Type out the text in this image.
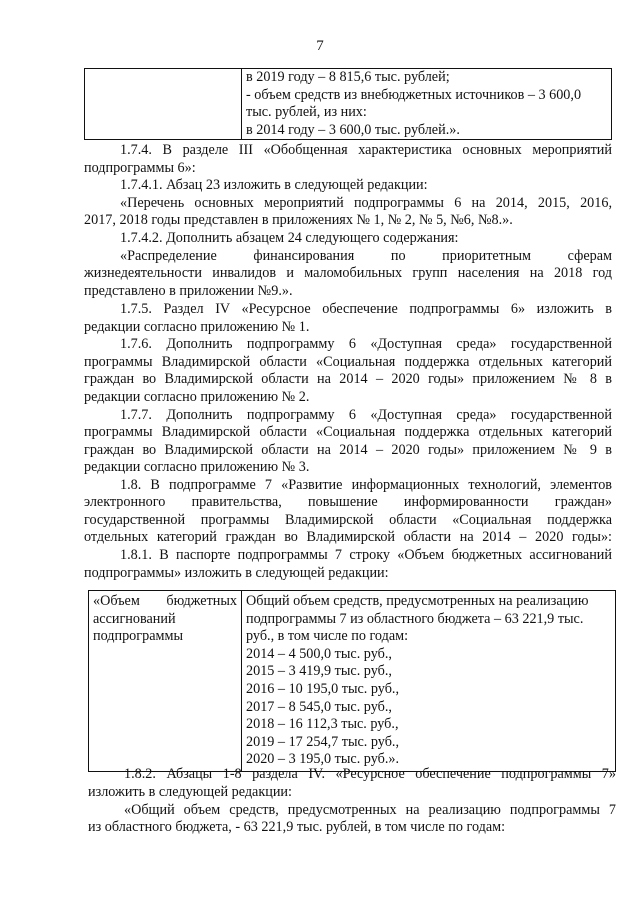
7

в 2019 году – 8 815,6 тыс. рублей;
- объем средств из внебюджетных источников – 3 600,0
тыс. рублей, из них:
в 2014 году – 3 600,0 тыс. рублей.».
1.7.4. В разделе III «Обобщенная характеристика основных мероприятий
подпрограммы 6»:
1.7.4.1. Абзац 23 изложить в следующей редакции:
«Перечень основных мероприятий подпрограммы 6 на 2014, 2015, 2016,
2017, 2018 годы представлен в приложениях № 1, № 2, № 5, №6, №8.».
1.7.4.2. Дополнить абзацем 24 следующего содержания:
«Распределение финансирования по приоритетным сферам
жизнедеятельности инвалидов и маломобильных групп населения на 2018 год
представлено в приложении №9.».
1.7.5. Раздел IV «Ресурсное обеспечение подпрограммы 6» изложить в
редакции согласно приложению № 1.
1.7.6. Дополнить подпрограмму 6 «Доступная среда» государственной
программы Владимирской области «Социальная поддержка отдельных категорий
граждан во Владимирской области на 2014 – 2020 годы» приложением № 8 в
редакции согласно приложению № 2.
1.7.7. Дополнить подпрограмму 6 «Доступная среда» государственной
программы Владимирской области «Социальная поддержка отдельных категорий
граждан во Владимирской области на 2014 – 2020 годы» приложением № 9 в
редакции согласно приложению № 3.
1.8. В подпрограмме 7 «Развитие информационных технологий, элементов
электронного правительства, повышение информированности граждан»
государственной программы Владимирской области «Социальная поддержка
отдельных категорий граждан во Владимирской области на 2014 – 2020 годы»:
1.8.1. В паспорте подпрограммы 7 строку «Объем бюджетных ассигнований
подпрограммы» изложить в следующей редакции:
«Объем бюджетных
ассигнований
подпрограммы

Общий объем средств, предусмотренных на реализацию
подпрограммы 7 из областного бюджета – 63 221,9 тыс.
руб., в том числе по годам:
2014 – 4 500,0 тыс. руб.,
2015 – 3 419,9 тыс. руб.,
2016 – 10 195,0 тыс. руб.,
2017 – 8 545,0 тыс. руб.,
2018 – 16 112,3 тыс. руб.,
2019 – 17 254,7 тыс. руб.,
2020 – 3 195,0 тыс. руб.».
1.8.2. Абзацы 1-8 раздела IV. «Ресурсное обеспечение подпрограммы 7»
изложить в следующей редакции:
«Общий объем средств, предусмотренных на реализацию подпрограммы 7
из областного бюджета, - 63 221,9 тыс. рублей, в том числе по годам:
